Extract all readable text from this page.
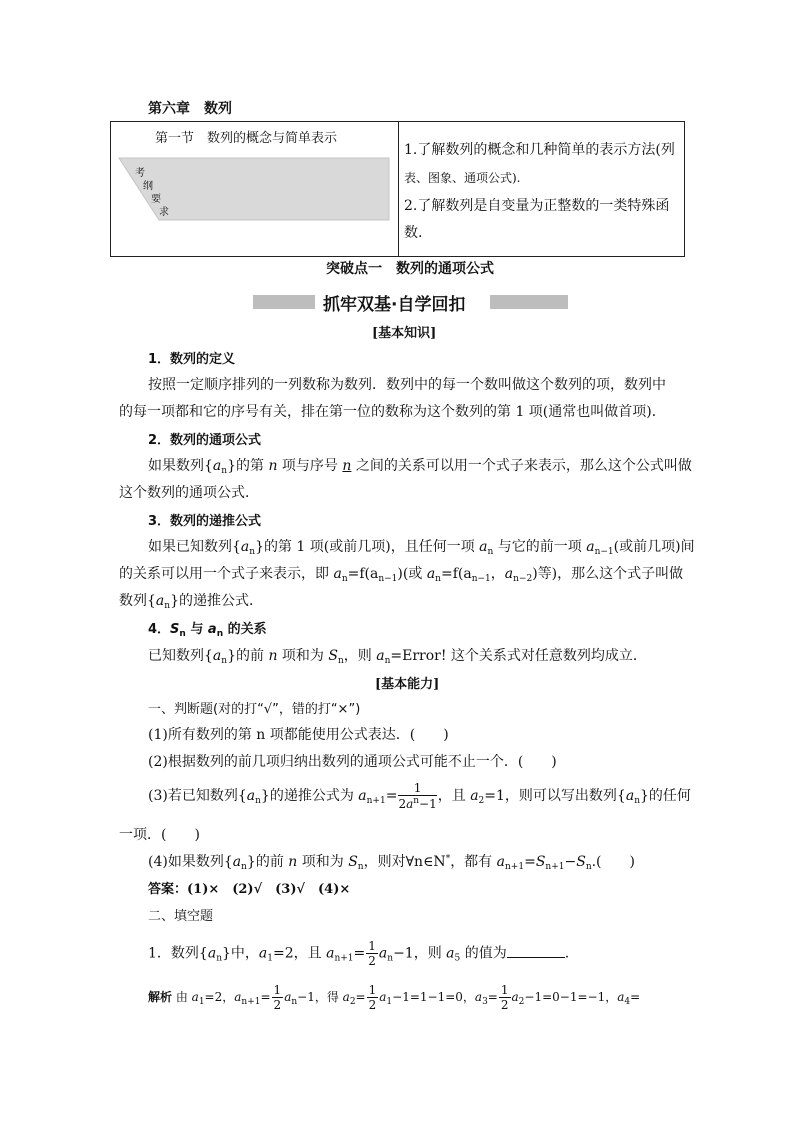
第六章　数列
第一节　数列的概念与简单表示
考
纲
要
求

1.了解数列的概念和几种简单的表示方法(列
表、图象、通项公式).
2.了解数列是自变量为正整数的一类特殊函
数.
突破点一　数列的通项公式
抓牢双基·自学回扣
[基本知识]
1．数列的定义
按照一定顺序排列的一列数称为数列．数列中的每一个数叫做这个数列的项，数列中
的每一项都和它的序号有关，排在第一位的数称为这个数列的第 1 项(通常也叫做首项)．
2．数列的通项公式
如果数列$\{a_n\}$的第 n 项与序号 n 之间的关系可以用一个式子来表示，那么这个公式叫做
这个数列的通项公式．
3．数列的递推公式
如果已知数列$\{a_n\}$的第 1 项(或前几项)，且任何一项 $a_n$ 与它的前一项 $a_{n-1}$(或前几项)间
的关系可以用一个式子来表示，即 $a_n=f(a_{n-1})$(或 $a_n=f(a_{n-1}$，$a_{n-2}$)等)，那么这个式子叫做
数列$\{a_n\}$的递推公式．
4．$S_n$ 与 $a_n$ 的关系
已知数列$\{a_n\}$的前 n 项和为 $S_n$，则 $a_n=Error$! 这个关系式对任意数列均成立．
[基本能力]
一、判断题(对的打“√”，错的打“×”)
(1)所有数列的第 n 项都能使用公式表达．(　　)
(2)根据数列的前几项归纳出数列的通项公式可能不止一个．(　　)
(3)若已知数列$\{a_n\}$的递推公式为 $a_{n+1}= \frac{1}{2a^n-1}$ ，且 $a_2=1$，则可以写出数列$\{a_n\}$的任何
一项．(　　)
(4)如果数列$\{a_n\}$的前 n 项和为 $S_n$，则对∀n∈N*，都有 $a_{n+1}=S_{n+1}-S_n$.(　　)
答案：(1)×　(2)√　(3)√　(4)×
二、填空题
1．数列$\{a_n\}$中，$a_1=2$，且 $a_{n+1}= \frac{1}{2} a_n-1$，则 $a_5$ 的值为	.
解析 由 $a_1=2$，$a_{n+1}= \frac{1}{2} a_n-1$，得 $a_2= \frac{1}{2} a_1-1=1-1=0$，$a_3= \frac{1}{2} a_2-1=0-1=-1$，$a_4=$
